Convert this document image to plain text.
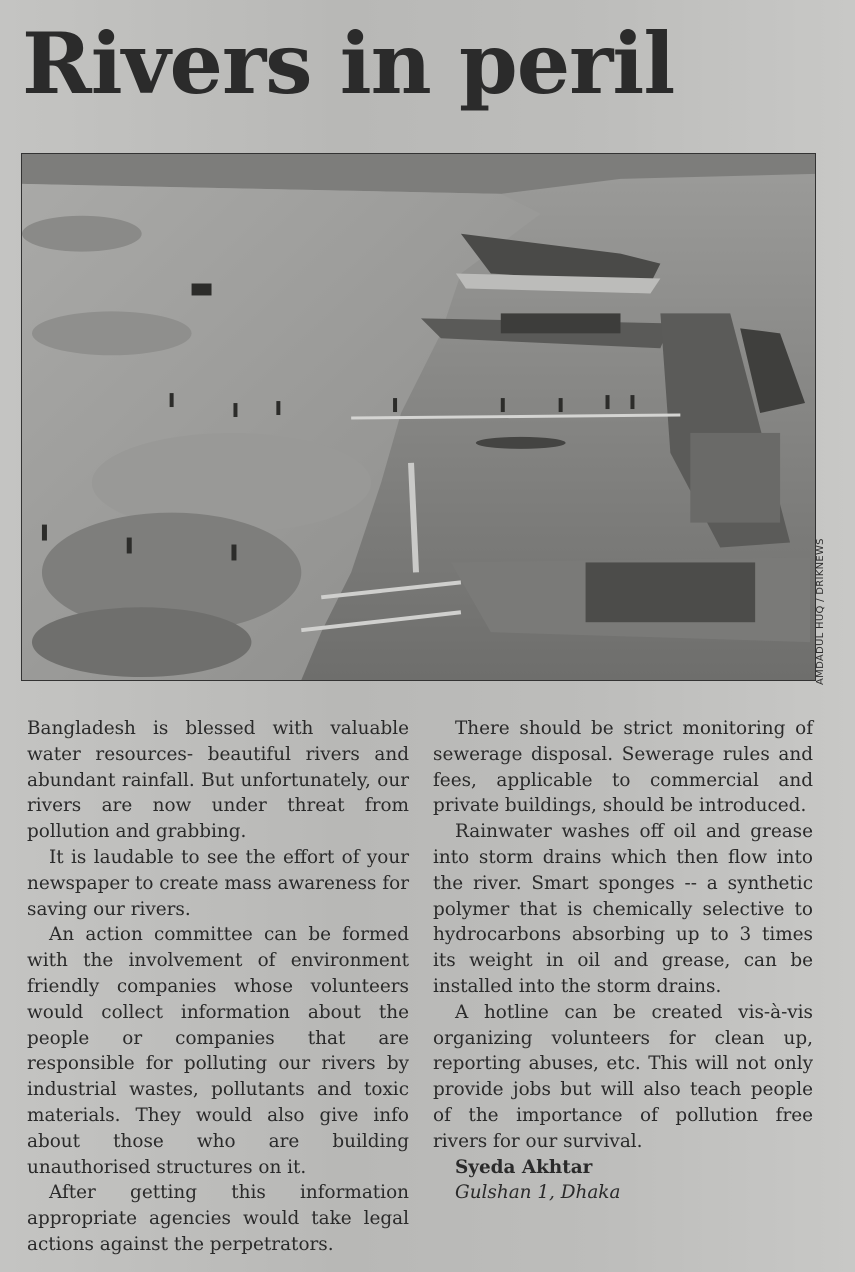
Rivers in peril
AMDADUL HUQ / DRIKNEWS

Bangladesh is blessed with valuable water resources- beautiful rivers and abundant rainfall. But unfortunately, our rivers are now under threat from pollution and grabbing.

It is laudable to see the effort of your newspaper to create mass awareness for saving our rivers.

An action committee can be formed with the involvement of environment friendly companies whose volunteers would collect information about the people or companies that are responsible for polluting our rivers by industrial wastes, pollutants and toxic materials. They would also give info about those who are building unauthorised structures on it.

After getting this information appropriate agencies would take legal actions against the perpetrators.

There should be strict monitoring of sewerage disposal. Sewerage rules and fees, applicable to commercial and private buildings, should be introduced.

Rainwater washes off oil and grease into storm drains which then flow into the river. Smart sponges -- a synthetic polymer that is chemically selective to hydrocarbons absorbing up to 3 times its weight in oil and grease, can be installed into the storm drains.

A hotline can be created vis-à-vis organizing volunteers for clean up, reporting abuses, etc. This will not only provide jobs but will also teach people of the importance of pollution free rivers for our survival.

Syeda Akhtar

Gulshan 1, Dhaka
